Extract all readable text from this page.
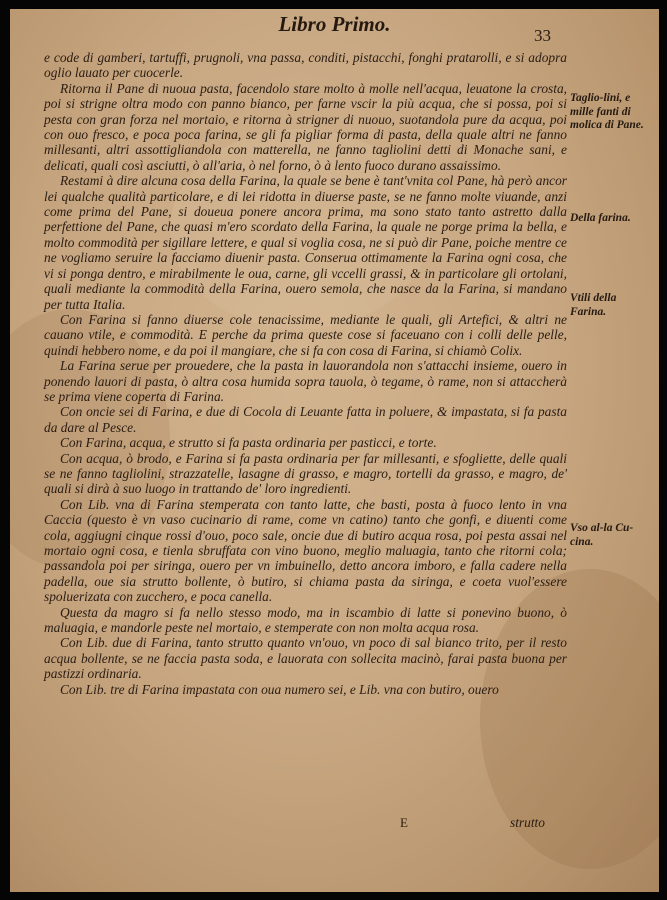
Libro Primo.	33

e code di gamberi, tartuffi, prugnoli, vna passa, conditi, pistacchi, fonghi pratarolli, e si adopra oglio lauato per cuocerle.

Ritorna il Pane di nuoua pasta, facendolo stare molto à molle nell'acqua, leuatone la crosta, poi si strigne oltra modo con panno bianco, per farne vscir la più acqua, che si possa, poi si pesta con gran forza nel mortaio, e ritorna à strigner di nuouo, suotandola pure da acqua, poi con ouo fresco, e poca poca farina, se gli fa pigliar forma di pasta, della quale altri ne fanno millesanti, altri assottigliandola con matterella, ne fanno tagliolini detti di Monache sani, e delicati, quali così asciutti, ò all'aria, ò nel forno, ò à lento fuoco durano assaissimo.

Restami à dire alcuna cosa della Farina, la quale se bene è tant'vnita col Pane, hà però ancor lei qualche qualità particolare, e di lei ridotta in diuerse paste, se ne fanno molte viuande, anzi come prima del Pane, si doueua ponere ancora prima, ma sono stato tanto astretto dalla perfettione del Pane, che quasi m'ero scordato della Farina, la quale ne porge prima la bella, e molto commodità per sigillare lettere, e qual si voglia cosa, ne si può dir Pane, poiche mentre ce ne vogliamo seruire la facciamo diuenir pasta. Conserua ottimamente la Farina ogni cosa, che vi si ponga dentro, e mirabilmente le oua, carne, gli vccelli grassi, & in particolare gli ortolani, quali mediante la commodità della Farina, ouero semola, che nasce da la Farina, si mandano per tutta Italia.

Con Farina si fanno diuerse cole tenacissime, mediante le quali, gli Artefici, & altri ne cauano vtile, e commodità. E perche da prima queste cose si faceuano con i colli delle pelle, quindi hebbero nome, e da poi il mangiare, che si fa con cosa di Farina, si chiamò Colix.

La Farina serue per prouedere, che la pasta in lauorandola non s'attacchi insieme, ouero in ponendo lauori di pasta, ò altra cosa humida sopra tauola, ò tegame, ò rame, non si attaccherà se prima viene coperta di Farina.

Con oncie sei di Farina, e due di Cocola di Leuante fatta in poluere, & impastata, si fa pasta da dare al Pesce.

Con Farina, acqua, e strutto si fa pasta ordinaria per pasticci, e torte.

Con acqua, ò brodo, e Farina si fa pasta ordinaria per far millesanti, e sfogliette, delle quali se ne fanno tagliolini, strazzatelle, lasagne di grasso, e magro, tortelli da grasso, e magro, de' quali si dirà à suo luogo in trattando de' loro ingredienti.

Con Lib. vna di Farina stemperata con tanto latte, che basti, posta à fuoco lento in vna Caccia (questo è vn vaso cucinario di rame, come vn catino) tanto che gonfi, e diuenti come cola, aggiugni cinque rossi d'ouo, poco sale, oncie due di butiro acqua rosa, poi pesta assai nel mortaio ogni cosa, e tienla sbruffata con vino buono, meglio maluagia, tanto che ritorni cola; passandola poi per siringa, ouero per vn imbuinello, detto ancora imboro, e falla cadere nella padella, oue sia strutto bollente, ò butiro, si chiama pasta da siringa, e coeta vuol'essere spoluerizata con zucchero, e poca canella.

Questa da magro si fa nello stesso modo, ma in iscambio di latte si ponevino buono, ò maluagia, e mandorle peste nel mortaio, e stemperate con non molta acqua rosa.

Con Lib. due di Farina, tanto strutto quanto vn'ouo, vn poco di sal bianco trito, per il resto acqua bollente, se ne faccia pasta soda, e lauorata con sollecita macinò, farai pasta buona per pastizzi ordinaria.

Con Lib. tre di Farina impastata con oua numero sei, e Lib. vna con butiro, ouero

Taglio-lini, e mille fanti di molica di Pane.
Della farina.
Vtili della Farina.
Vso al-la Cu-cina.
E	strutto
